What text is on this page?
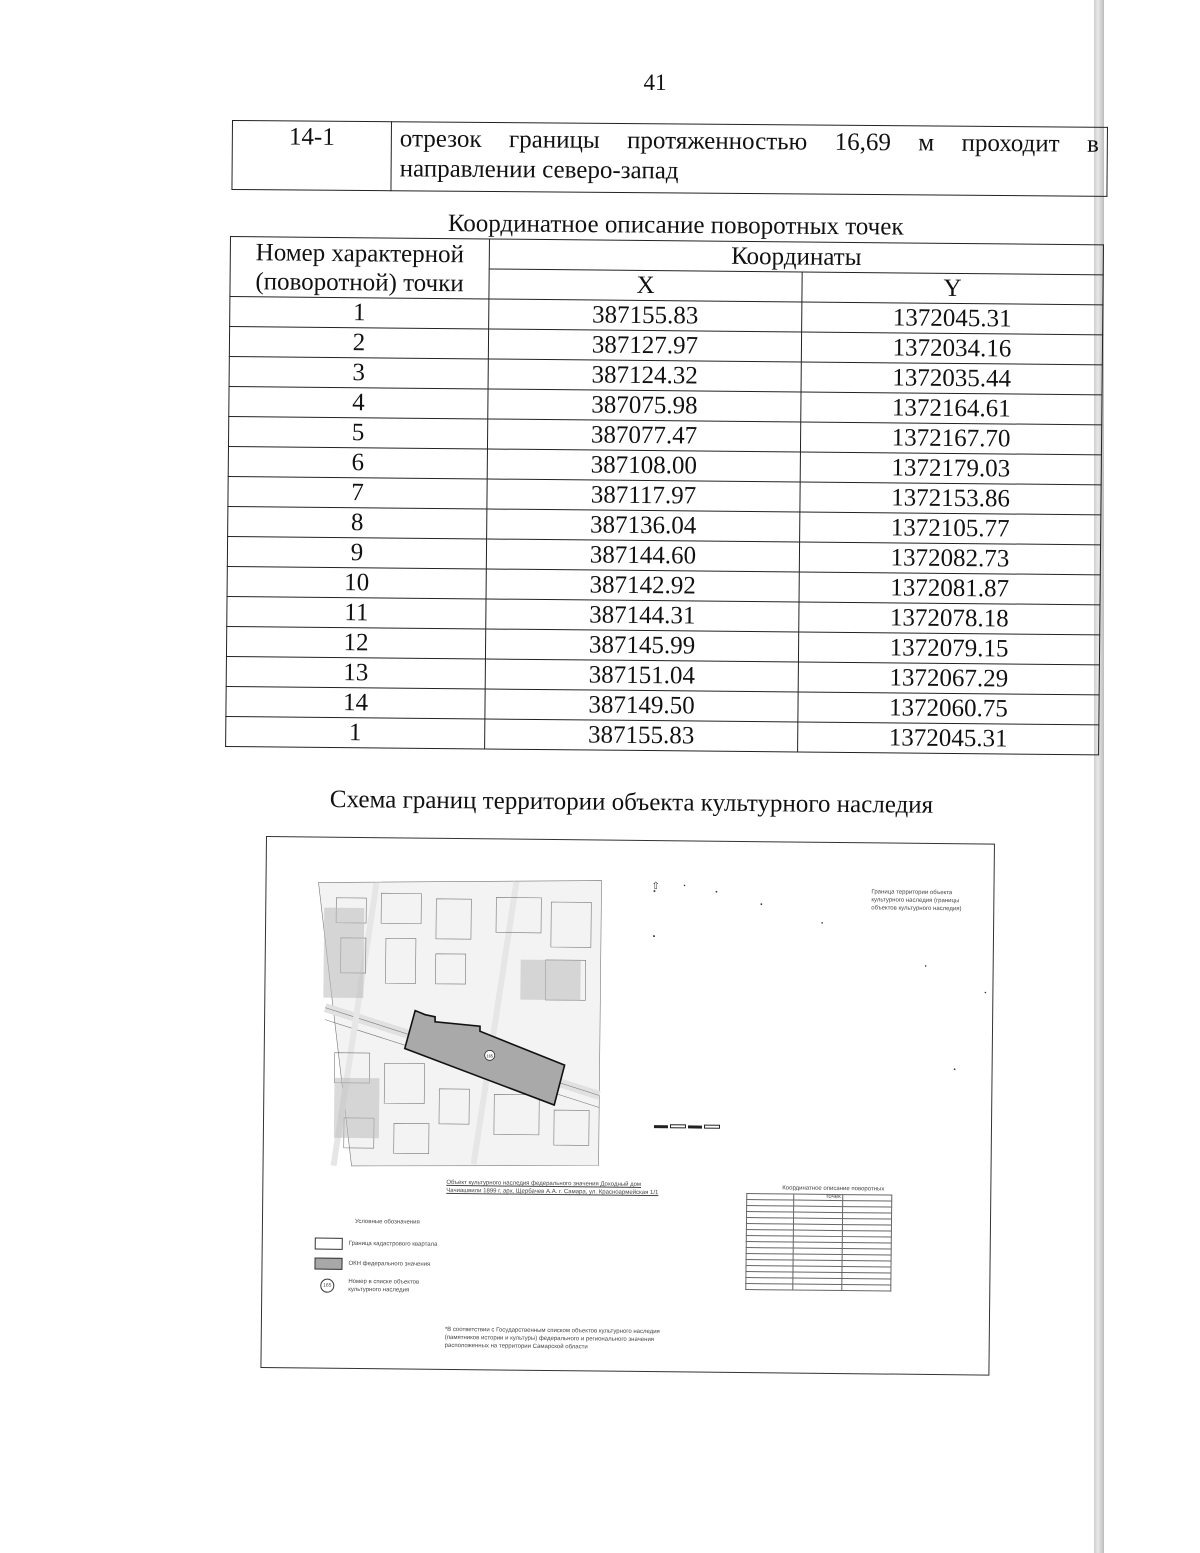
41
14-1	отрезок границы протяженностью 16,69 м проходит в направлении северо-запад
Координатное описание поворотных точек
Номер характерной (поворотной) точки	Координаты	
	X	Y
1	387155.83	1372045.31
2	387127.97	1372034.16
3	387124.32	1372035.44
4	387075.98	1372164.61
5	387077.47	1372167.70
6	387108.00	1372179.03
7	387117.97	1372153.86
8	387136.04	1372105.77
9	387144.60	1372082.73
10	387142.92	1372081.87
11	387144.31	1372078.18
12	387145.99	1372079.15
13	387151.04	1372067.29
14	387149.50	1372060.75
1	387155.83	1372045.31
Схема границ территории объекта культурного наследия
165
⇧
Граница территории объекта культурного наследия (границы объектов культурного наследия)
Объект культурного наследия федерального значения Доходный дом Чачиашвили 1899 г. арх. Щербачев А.А. г. Самара, ул. Красноармейская 1/1
Условные обозначения
Граница кадастрового квартала
ОКН федерального значения
165
Номер в списке объектов культурного наследия
*В соответствии с Государственным списком объектов культурного наследия (памятников истории и культуры) федерального и регионального значения расположенных на территории Самарской области
Координатное описание поворотных точек
